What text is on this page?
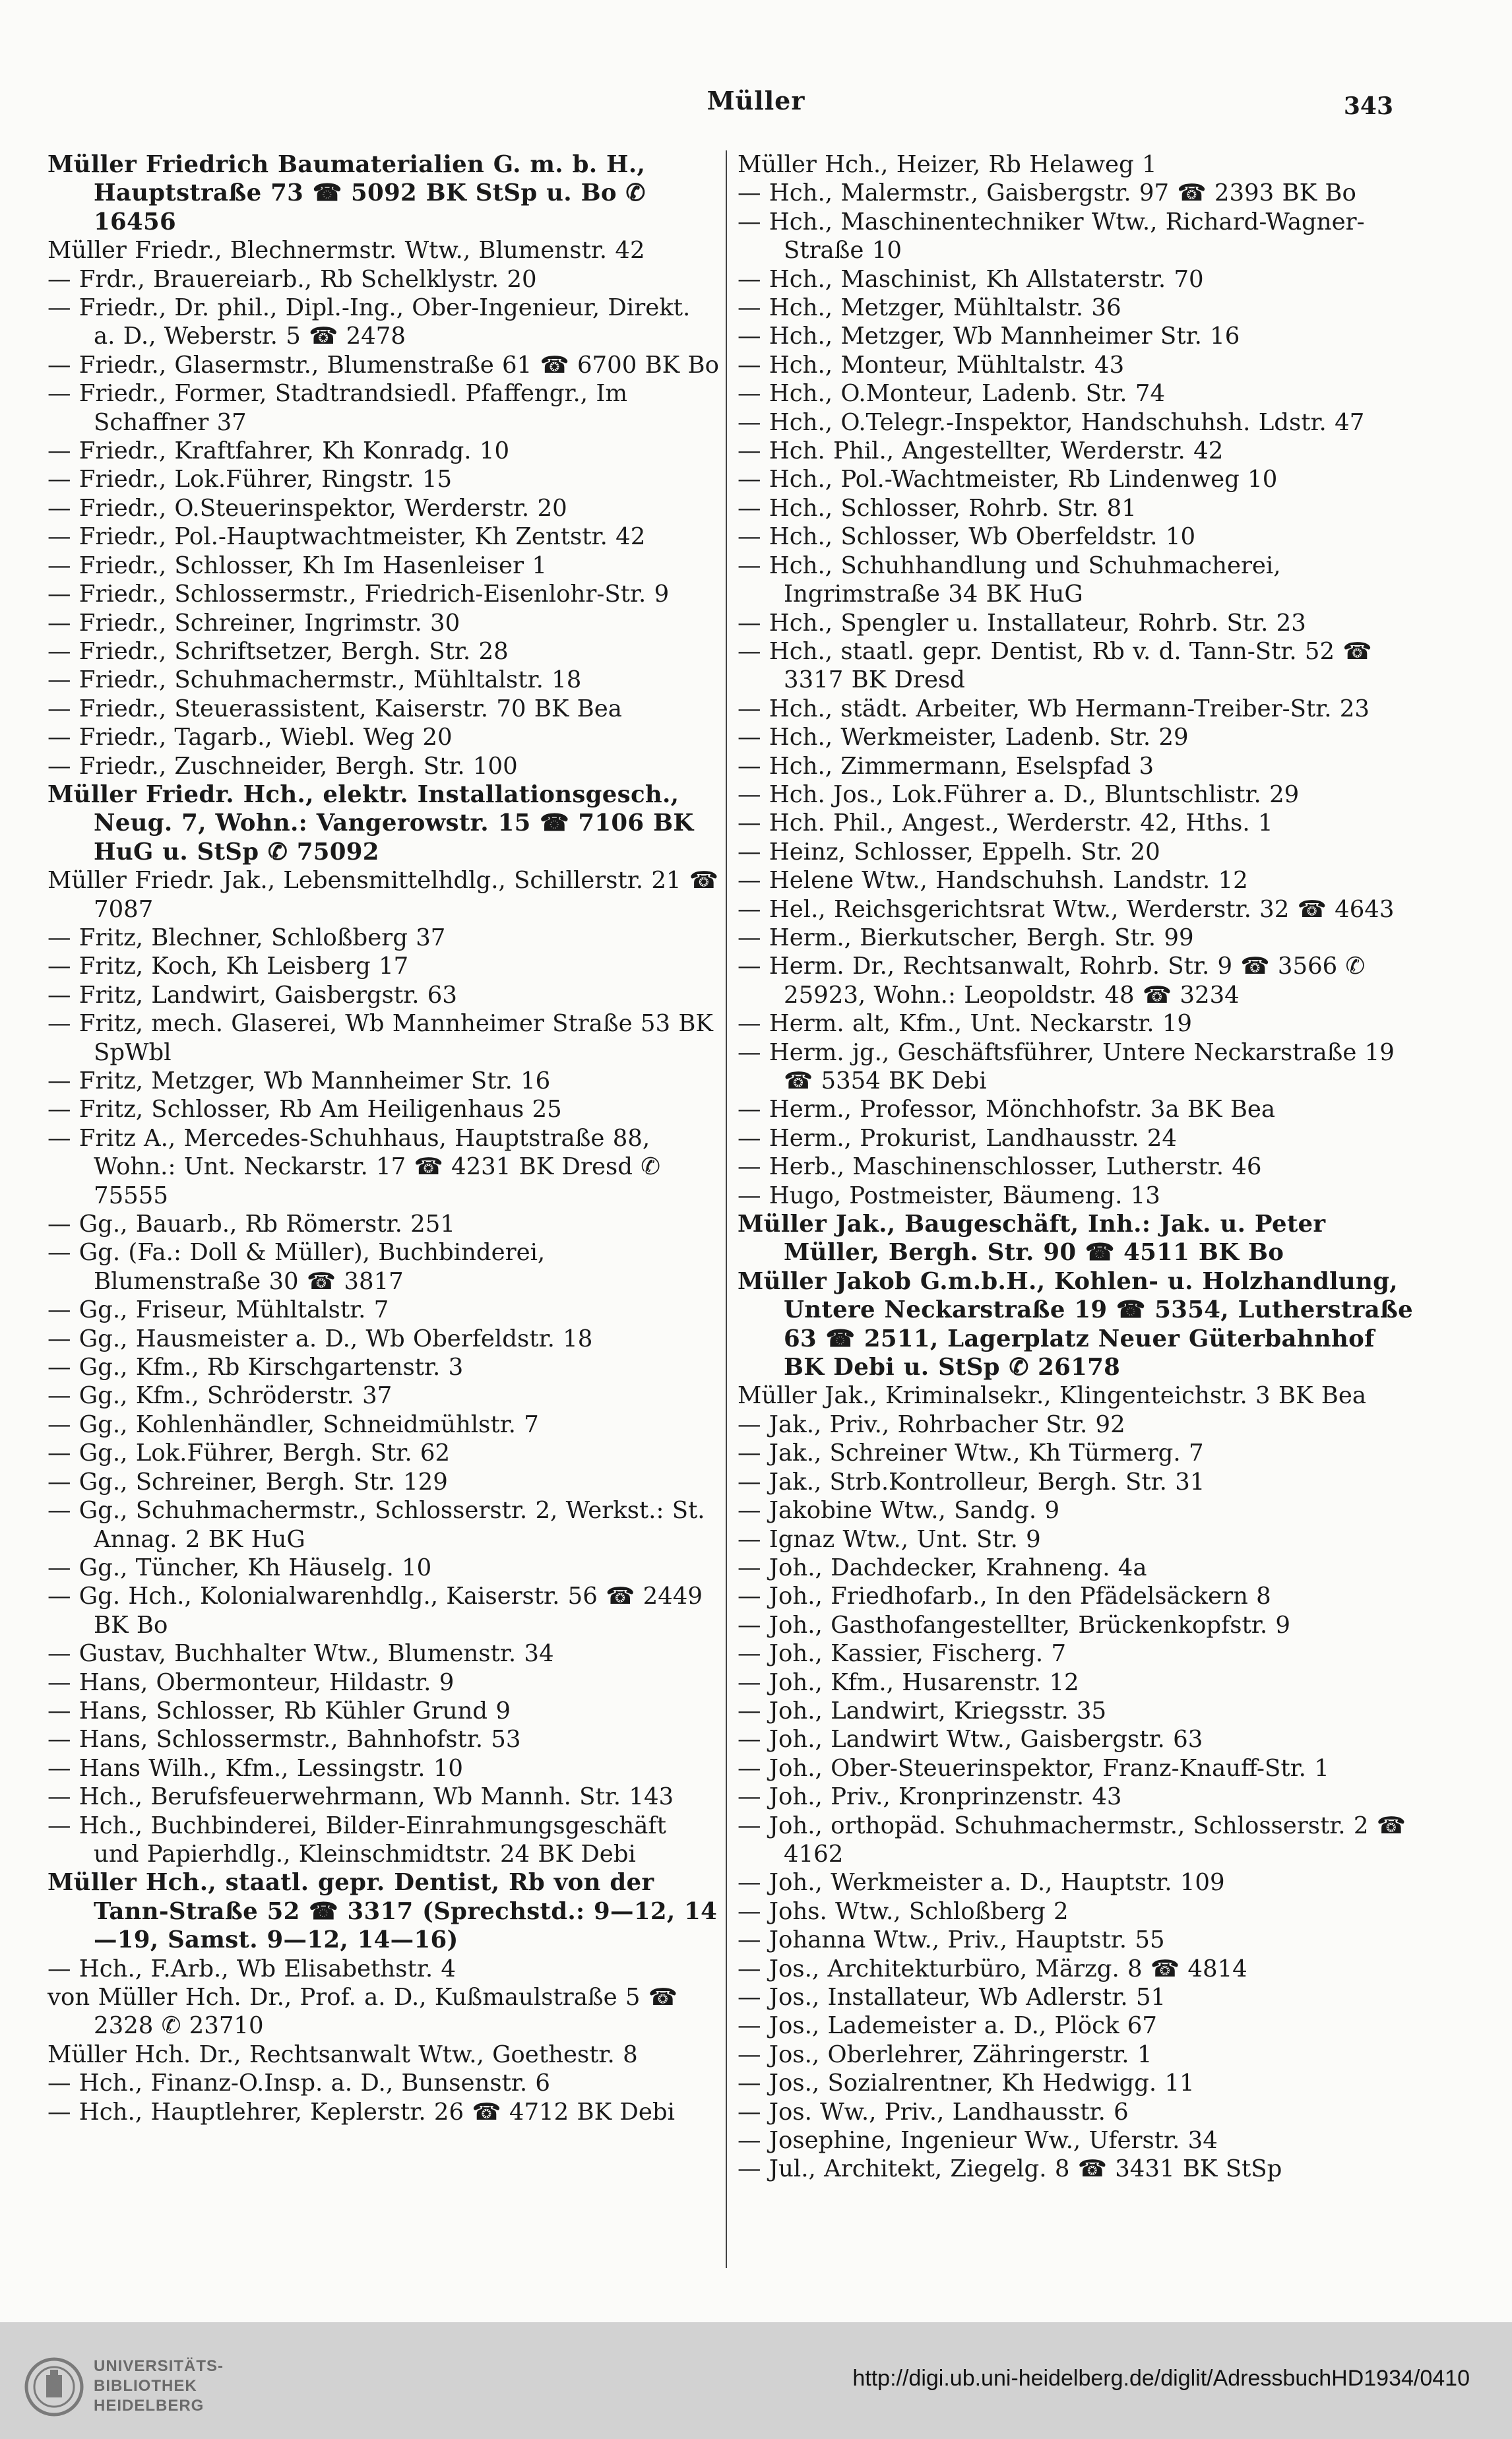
Müller	343
Müller Friedrich Baumaterialien G. m. b. H., Hauptstraße 73 ☎ 5092 BK StSp u. Bo ✆ 16456
Müller Friedr., Blechnermstr. Wtw., Blumenstr. 42
— Frdr., Brauereiarb., Rb Schelklystr. 20
— Friedr., Dr. phil., Dipl.-Ing., Ober-Ingenieur, Direkt. a. D., Weberstr. 5 ☎ 2478
— Friedr., Glasermstr., Blumenstraße 61 ☎ 6700 BK Bo
— Friedr., Former, Stadtrandsiedl. Pfaffengr., Im Schaffner 37
— Friedr., Kraftfahrer, Kh Konradg. 10
— Friedr., Lok.Führer, Ringstr. 15
— Friedr., O.Steuerinspektor, Werderstr. 20
— Friedr., Pol.-Hauptwachtmeister, Kh Zentstr. 42
— Friedr., Schlosser, Kh Im Hasenleiser 1
— Friedr., Schlossermstr., Friedrich-Eisenlohr-Str. 9
— Friedr., Schreiner, Ingrimstr. 30
— Friedr., Schriftsetzer, Bergh. Str. 28
— Friedr., Schuhmachermstr., Mühltalstr. 18
— Friedr., Steuerassistent, Kaiserstr. 70 BK Bea
— Friedr., Tagarb., Wiebl. Weg 20
— Friedr., Zuschneider, Bergh. Str. 100
Müller Friedr. Hch., elektr. Installationsgesch., Neug. 7, Wohn.: Vangerowstr. 15 ☎ 7106 BK HuG u. StSp ✆ 75092
Müller Friedr. Jak., Lebensmittelhdlg., Schillerstr. 21 ☎ 7087
— Fritz, Blechner, Schloßberg 37
— Fritz, Koch, Kh Leisberg 17
— Fritz, Landwirt, Gaisbergstr. 63
— Fritz, mech. Glaserei, Wb Mannheimer Straße 53 BK SpWbl
— Fritz, Metzger, Wb Mannheimer Str. 16
— Fritz, Schlosser, Rb Am Heiligenhaus 25
— Fritz A., Mercedes-Schuhhaus, Hauptstraße 88, Wohn.: Unt. Neckarstr. 17 ☎ 4231 BK Dresd ✆ 75555
— Gg., Bauarb., Rb Römerstr. 251
— Gg. (Fa.: Doll & Müller), Buchbinderei, Blumenstraße 30 ☎ 3817
— Gg., Friseur, Mühltalstr. 7
— Gg., Hausmeister a. D., Wb Oberfeldstr. 18
— Gg., Kfm., Rb Kirschgartenstr. 3
— Gg., Kfm., Schröderstr. 37
— Gg., Kohlenhändler, Schneidmühlstr. 7
— Gg., Lok.Führer, Bergh. Str. 62
— Gg., Schreiner, Bergh. Str. 129
— Gg., Schuhmachermstr., Schlosserstr. 2, Werkst.: St. Annag. 2 BK HuG
— Gg., Tüncher, Kh Häuselg. 10
— Gg. Hch., Kolonialwarenhdlg., Kaiserstr. 56 ☎ 2449 BK Bo
— Gustav, Buchhalter Wtw., Blumenstr. 34
— Hans, Obermonteur, Hildastr. 9
— Hans, Schlosser, Rb Kühler Grund 9
— Hans, Schlossermstr., Bahnhofstr. 53
— Hans Wilh., Kfm., Lessingstr. 10
— Hch., Berufsfeuerwehrmann, Wb Mannh. Str. 143
— Hch., Buchbinderei, Bilder-Einrahmungsgeschäft und Papierhdlg., Kleinschmidtstr. 24 BK Debi
Müller Hch., staatl. gepr. Dentist, Rb von der Tann-Straße 52 ☎ 3317 (Sprechstd.: 9—12, 14—19, Samst. 9—12, 14—16)
— Hch., F.Arb., Wb Elisabethstr. 4
von Müller Hch. Dr., Prof. a. D., Kußmaulstraße 5 ☎ 2328 ✆ 23710
Müller Hch. Dr., Rechtsanwalt Wtw., Goethestr. 8
— Hch., Finanz-O.Insp. a. D., Bunsenstr. 6
— Hch., Hauptlehrer, Keplerstr. 26 ☎ 4712 BK Debi
Müller Hch., Heizer, Rb Helaweg 1
— Hch., Malermstr., Gaisbergstr. 97 ☎ 2393 BK Bo
— Hch., Maschinentechniker Wtw., Richard-Wagner-Straße 10
— Hch., Maschinist, Kh Allstaterstr. 70
— Hch., Metzger, Mühltalstr. 36
— Hch., Metzger, Wb Mannheimer Str. 16
— Hch., Monteur, Mühltalstr. 43
— Hch., O.Monteur, Ladenb. Str. 74
— Hch., O.Telegr.-Inspektor, Handschuhsh. Ldstr. 47
— Hch. Phil., Angestellter, Werderstr. 42
— Hch., Pol.-Wachtmeister, Rb Lindenweg 10
— Hch., Schlosser, Rohrb. Str. 81
— Hch., Schlosser, Wb Oberfeldstr. 10
— Hch., Schuhhandlung und Schuhmacherei, Ingrimstraße 34 BK HuG
— Hch., Spengler u. Installateur, Rohrb. Str. 23
— Hch., staatl. gepr. Dentist, Rb v. d. Tann-Str. 52 ☎ 3317 BK Dresd
— Hch., städt. Arbeiter, Wb Hermann-Treiber-Str. 23
— Hch., Werkmeister, Ladenb. Str. 29
— Hch., Zimmermann, Eselspfad 3
— Hch. Jos., Lok.Führer a. D., Bluntschlistr. 29
— Hch. Phil., Angest., Werderstr. 42, Hths. 1
— Heinz, Schlosser, Eppelh. Str. 20
— Helene Wtw., Handschuhsh. Landstr. 12
— Hel., Reichsgerichtsrat Wtw., Werderstr. 32 ☎ 4643
— Herm., Bierkutscher, Bergh. Str. 99
— Herm. Dr., Rechtsanwalt, Rohrb. Str. 9 ☎ 3566 ✆ 25923, Wohn.: Leopoldstr. 48 ☎ 3234
— Herm. alt, Kfm., Unt. Neckarstr. 19
— Herm. jg., Geschäftsführer, Untere Neckarstraße 19 ☎ 5354 BK Debi
— Herm., Professor, Mönchhofstr. 3a BK Bea
— Herm., Prokurist, Landhausstr. 24
— Herb., Maschinenschlosser, Lutherstr. 46
— Hugo, Postmeister, Bäumeng. 13
Müller Jak., Baugeschäft, Inh.: Jak. u. Peter Müller, Bergh. Str. 90 ☎ 4511 BK Bo
Müller Jakob G.m.b.H., Kohlen- u. Holzhandlung, Untere Neckarstraße 19 ☎ 5354, Lutherstraße 63 ☎ 2511, Lagerplatz Neuer Güterbahnhof BK Debi u. StSp ✆ 26178
Müller Jak., Kriminalsekr., Klingenteichstr. 3 BK Bea
— Jak., Priv., Rohrbacher Str. 92
— Jak., Schreiner Wtw., Kh Türmerg. 7
— Jak., Strb.Kontrolleur, Bergh. Str. 31
— Jakobine Wtw., Sandg. 9
— Ignaz Wtw., Unt. Str. 9
— Joh., Dachdecker, Krahneng. 4a
— Joh., Friedhofarb., In den Pfädelsäckern 8
— Joh., Gasthofangestellter, Brückenkopfstr. 9
— Joh., Kassier, Fischerg. 7
— Joh., Kfm., Husarenstr. 12
— Joh., Landwirt, Kriegsstr. 35
— Joh., Landwirt Wtw., Gaisbergstr. 63
— Joh., Ober-Steuerinspektor, Franz-Knauff-Str. 1
— Joh., Priv., Kronprinzenstr. 43
— Joh., orthopäd. Schuhmachermstr., Schlosserstr. 2 ☎ 4162
— Joh., Werkmeister a. D., Hauptstr. 109
— Johs. Wtw., Schloßberg 2
— Johanna Wtw., Priv., Hauptstr. 55
— Jos., Architekturbüro, Märzg. 8 ☎ 4814
— Jos., Installateur, Wb Adlerstr. 51
— Jos., Lademeister a. D., Plöck 67
— Jos., Oberlehrer, Zähringerstr. 1
— Jos., Sozialrentner, Kh Hedwigg. 11
— Jos. Ww., Priv., Landhausstr. 6
— Josephine, Ingenieur Ww., Uferstr. 34
— Jul., Architekt, Ziegelg. 8 ☎ 3431 BK StSp
UNIVERSITÄTS-
BIBLIOTHEK
HEIDELBERG
http://digi.ub.uni-heidelberg.de/diglit/AdressbuchHD1934/0410
